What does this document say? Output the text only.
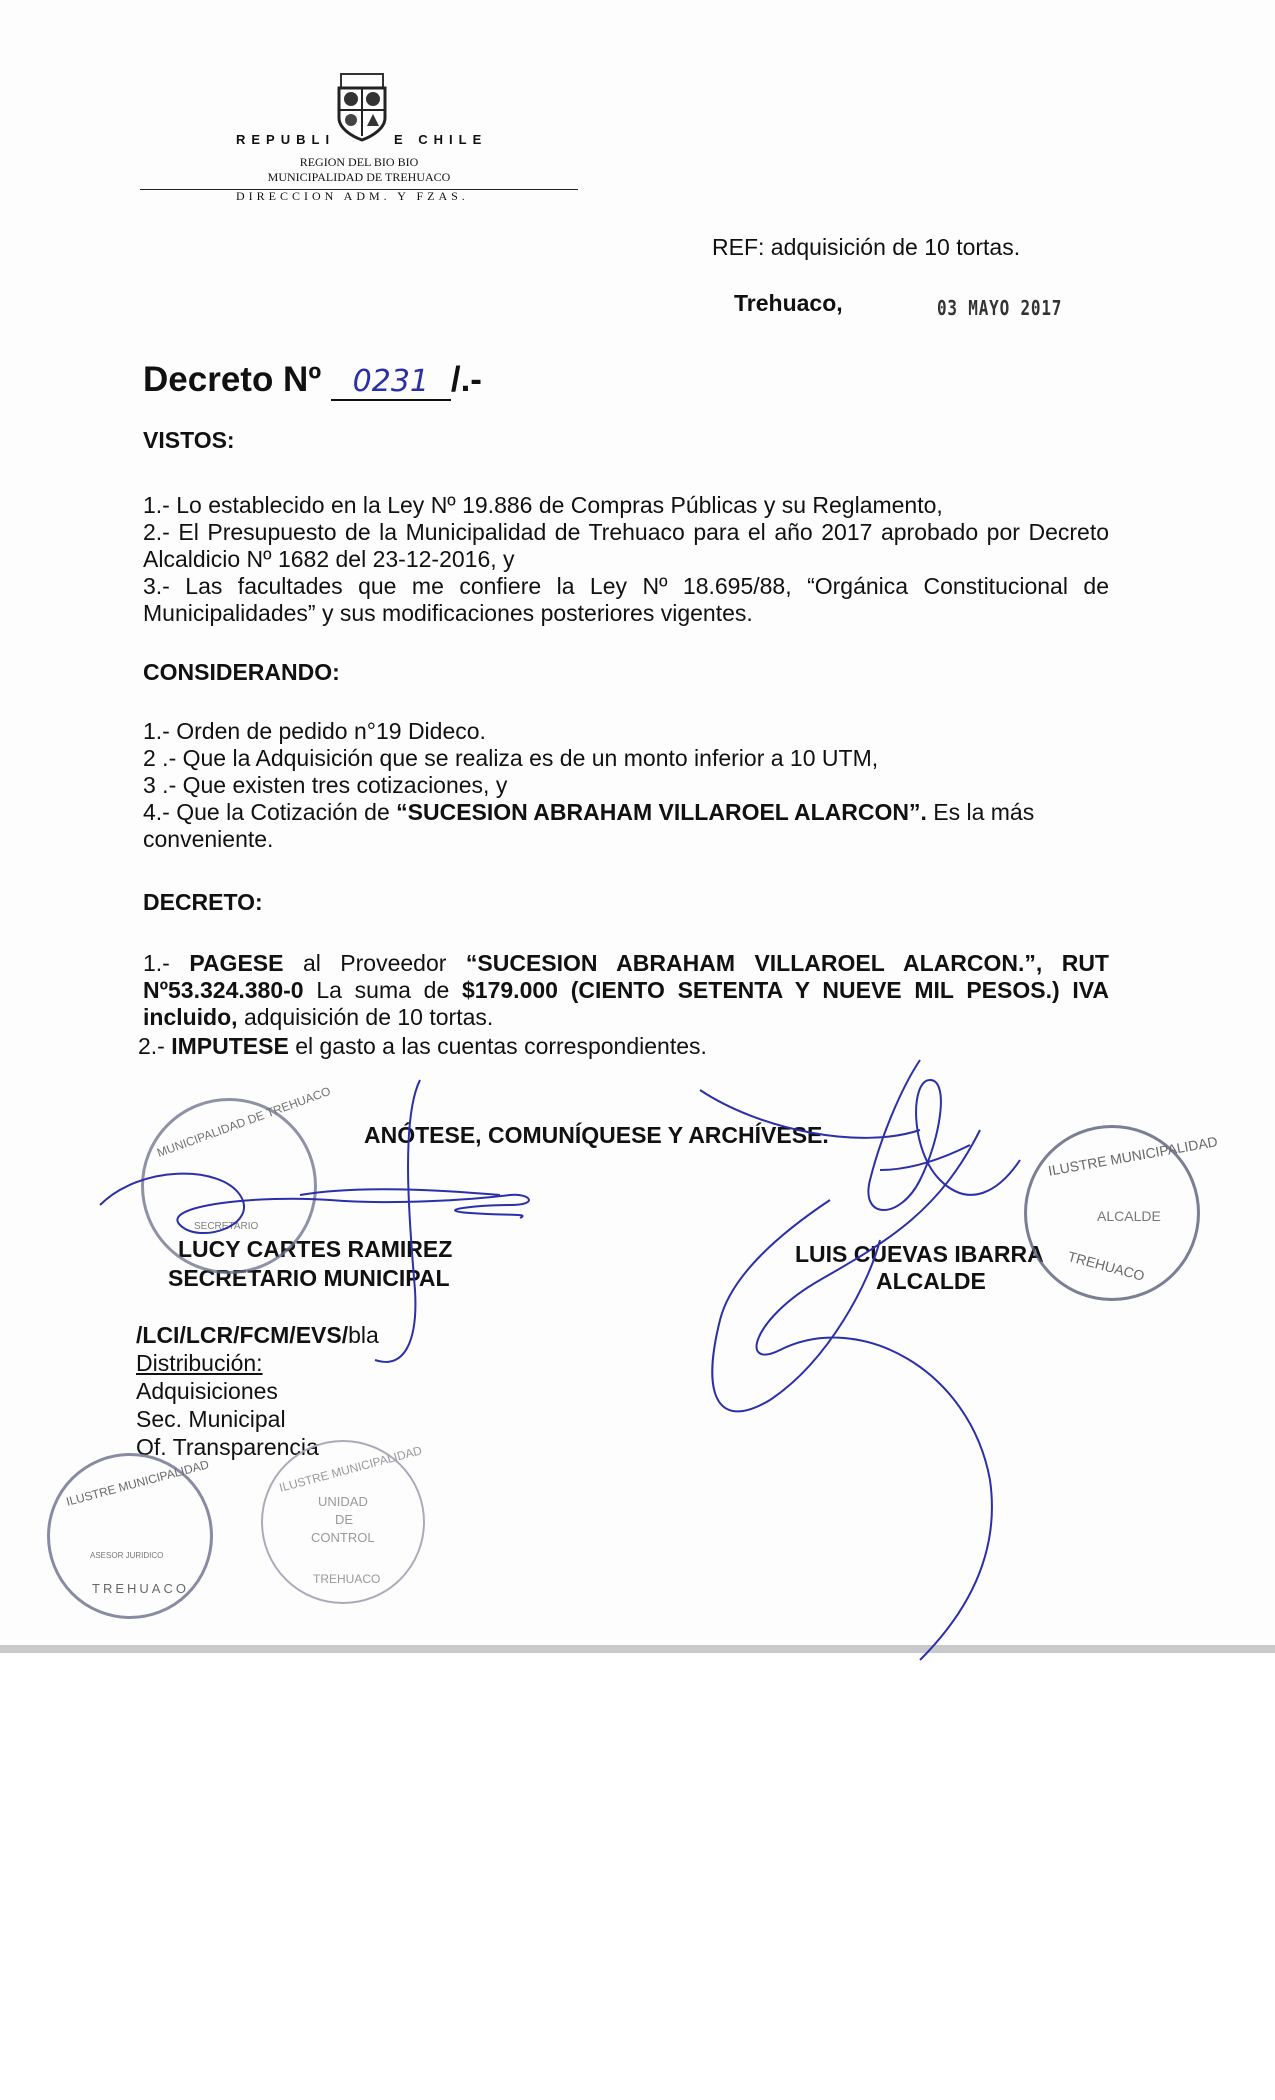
REPUBLI	E CHILE
REGION DEL BIO BIO
MUNICIPALIDAD DE TREHUACO
DIRECCION ADM. Y FZAS.
REF: adquisición de 10 tortas.
Trehuaco,	03 MAYO 2017
Decreto Nº 0231 /.-
VISTOS:
1.- Lo establecido en la Ley Nº 19.886 de Compras Públicas y su Reglamento,
2.- El Presupuesto de la Municipalidad de Trehuaco para el año 2017 aprobado por Decreto Alcaldicio Nº 1682 del 23-12-2016, y
3.- Las facultades que me confiere la Ley Nº 18.695/88, “Orgánica Constitucional de Municipalidades” y sus modificaciones posteriores vigentes.
CONSIDERANDO:
1.- Orden de pedido n°19 Dideco.
2 .- Que la Adquisición que se realiza es de un monto inferior a 10 UTM,
3 .- Que existen tres cotizaciones, y
4.- Que la Cotización de “SUCESION ABRAHAM VILLAROEL ALARCON”. Es la más conveniente.
DECRETO:
1.- PAGESE al Proveedor “SUCESION ABRAHAM VILLAROEL ALARCON.”, RUT Nº53.324.380-0 La suma de $179.000 (CIENTO SETENTA Y NUEVE MIL PESOS.) IVA incluido, adquisición de 10 tortas.
2.- IMPUTESE el gasto a las cuentas correspondientes.
ANÓTESE, COMUNÍQUESE Y ARCHÍVESE.
LUCY CARTES RAMIREZ
SECRETARIO MUNICIPAL
LUIS CUEVAS IBARRA
ALCALDE
/LCI/LCR/FCM/EVS/bla
Distribución:
Adquisiciones
Sec. Municipal
Of. Transparencia
MUNICIPALIDAD DE TREHUACO
SECRETARIO
ILUSTRE MUNICIPALIDAD
ALCALDE
TREHUACO
ILUSTRE MUNICIPALIDAD
ASESOR JURIDICO
TREHUACO
ILUSTRE MUNICIPALIDAD
UNIDAD
DE
CONTROL
TREHUACO
